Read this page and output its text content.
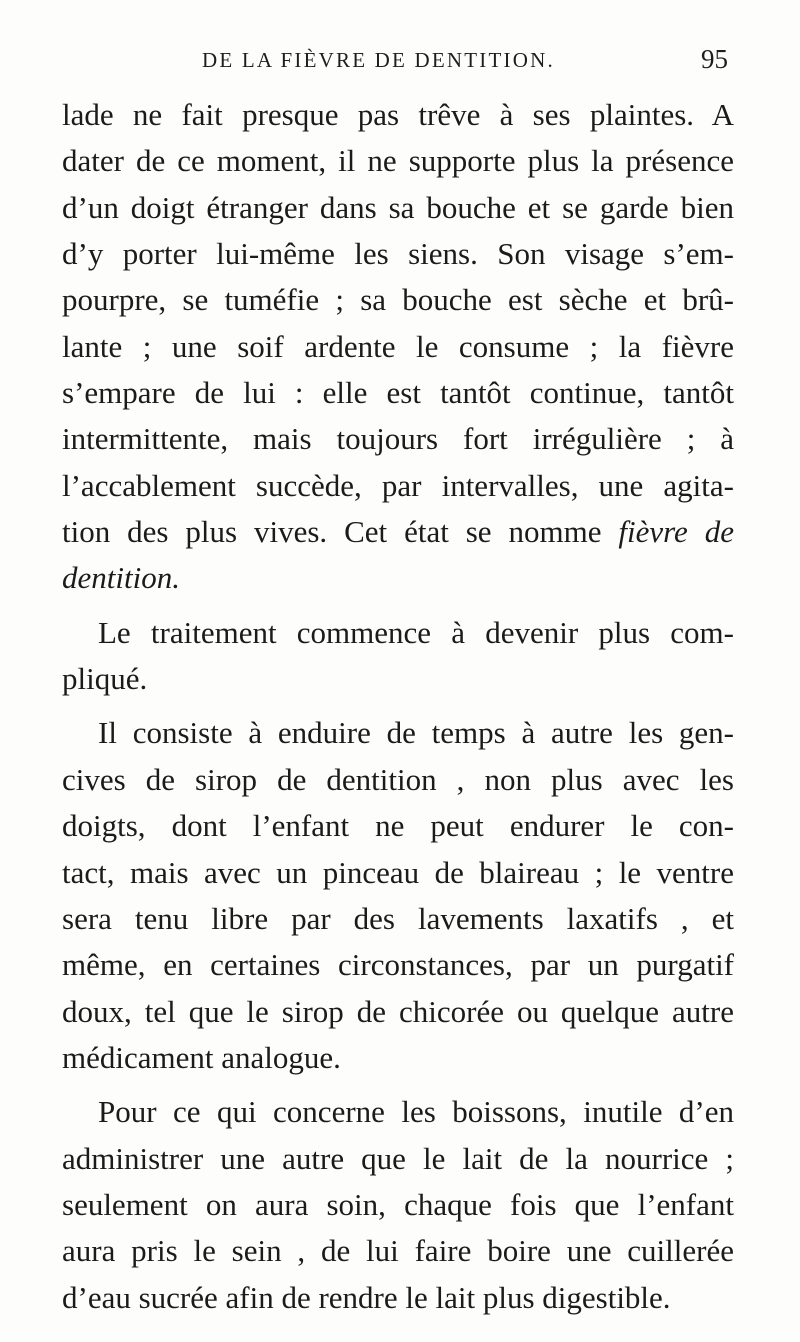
DE LA FIÈVRE DE DENTITION.	95
lade ne fait presque pas trêve à ses plaintes. A
dater de ce moment, il ne supporte plus la présence
d’un doigt étranger dans sa bouche et se garde bien
d’y porter lui-même les siens. Son visage s’em-
pourpre, se tuméfie ; sa bouche est sèche et brû-
lante ; une soif ardente le consume ; la fièvre
s’empare de lui : elle est tantôt continue, tantôt
intermittente, mais toujours fort irrégulière ; à
l’accablement succède, par intervalles, une agita-
tion des plus vives. Cet état se nomme fièvre de
dentition.
Le traitement commence à devenir plus com-
pliqué.
Il consiste à enduire de temps à autre les gen-
cives de sirop de dentition , non plus avec les
doigts, dont l’enfant ne peut endurer le con-
tact, mais avec un pinceau de blaireau ; le ventre
sera tenu libre par des lavements laxatifs , et
même, en certaines circonstances, par un purgatif
doux, tel que le sirop de chicorée ou quelque autre
médicament analogue.
Pour ce qui concerne les boissons, inutile d’en
administrer une autre que le lait de la nourrice ;
seulement on aura soin, chaque fois que l’enfant
aura pris le sein , de lui faire boire une cuillerée
d’eau sucrée afin de rendre le lait plus digestible.
